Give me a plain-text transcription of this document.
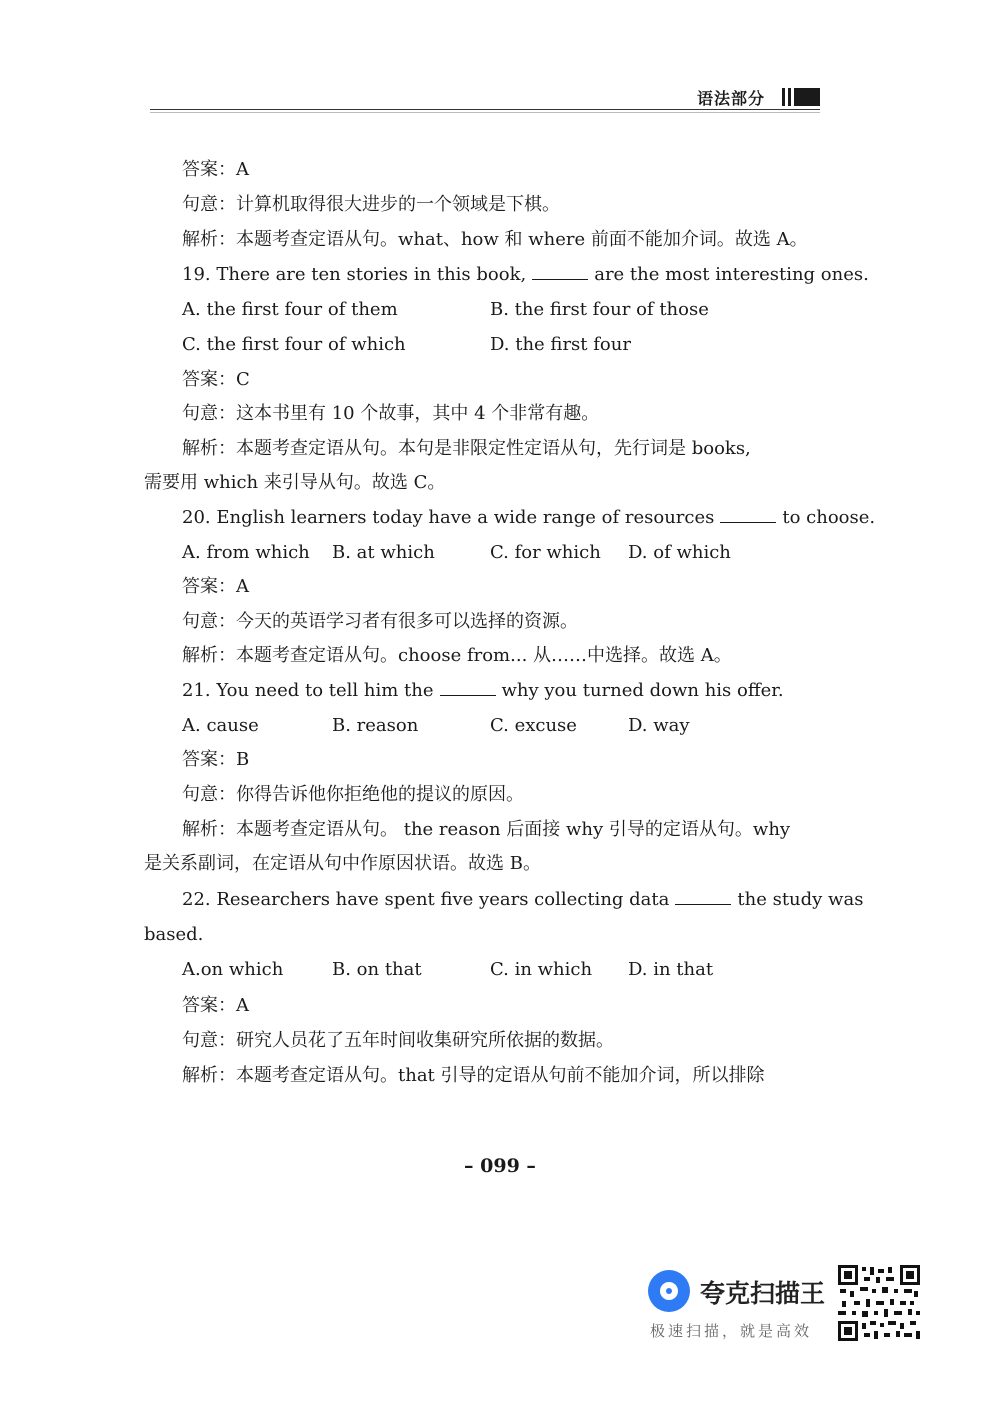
语法部分
答案：A
句意：计算机取得很大进步的一个领域是下棋。
解析：本题考查定语从句。what、how 和 where 前面不能加介词。故选 A。
19. There are ten stories in this book,	are the most interesting ones.
A. the first four of them	B. the first four of those
C. the first four of which	D. the first four
答案：C
句意：这本书里有 10 个故事，其中 4 个非常有趣。
解析：本题考查定语从句。本句是非限定性定语从句，先行词是 books,
需要用 which 来引导从句。故选 C。
20. English learners today have a wide range of resources	to choose.
A. from which B. at which	C. for which D. of which
答案：A
句意：今天的英语学习者有很多可以选择的资源。
解析：本题考查定语从句。choose from... 从……中选择。故选 A。
21. You need to tell him the	why you turned down his offer.
A. cause	B. reason	C. excuse	D. way
答案：B
句意：你得告诉他你拒绝他的提议的原因。
解析：本题考查定语从句。 the reason 后面接 why 引导的定语从句。why
是关系副词，在定语从句中作原因状语。故选 B。
22. Researchers have spent five years collecting data	the study was
based.
A.on which	B. on that	C. in which D. in that
答案：A
句意：研究人员花了五年时间收集研究所依据的数据。
解析：本题考查定语从句。that 引导的定语从句前不能加介词，所以排除
– 099 –
夸克扫描王
极速扫描，就是高效
